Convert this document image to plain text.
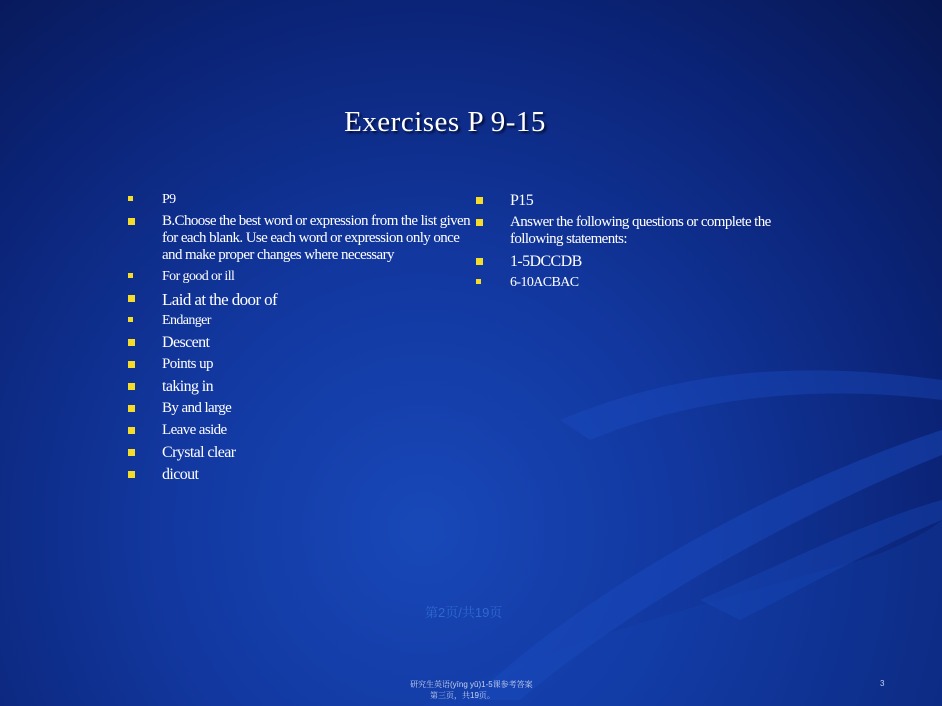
Exercises P 9-15
P9
B.Choose the best word or expression from the list given for each blank. Use each word or expression only once and make proper changes where necessary
For good or ill
Laid at the door of
Endanger
Descent
Points up
taking in
By and large
Leave aside
Crystal clear
dicout
P15
Answer the following questions or complete the following statements:
1-5DCCDB
6-10ACBAC
第2页/共19页
研究生英语(yīng yǔ)1-5课参考答案
第三页，共19页。
3
